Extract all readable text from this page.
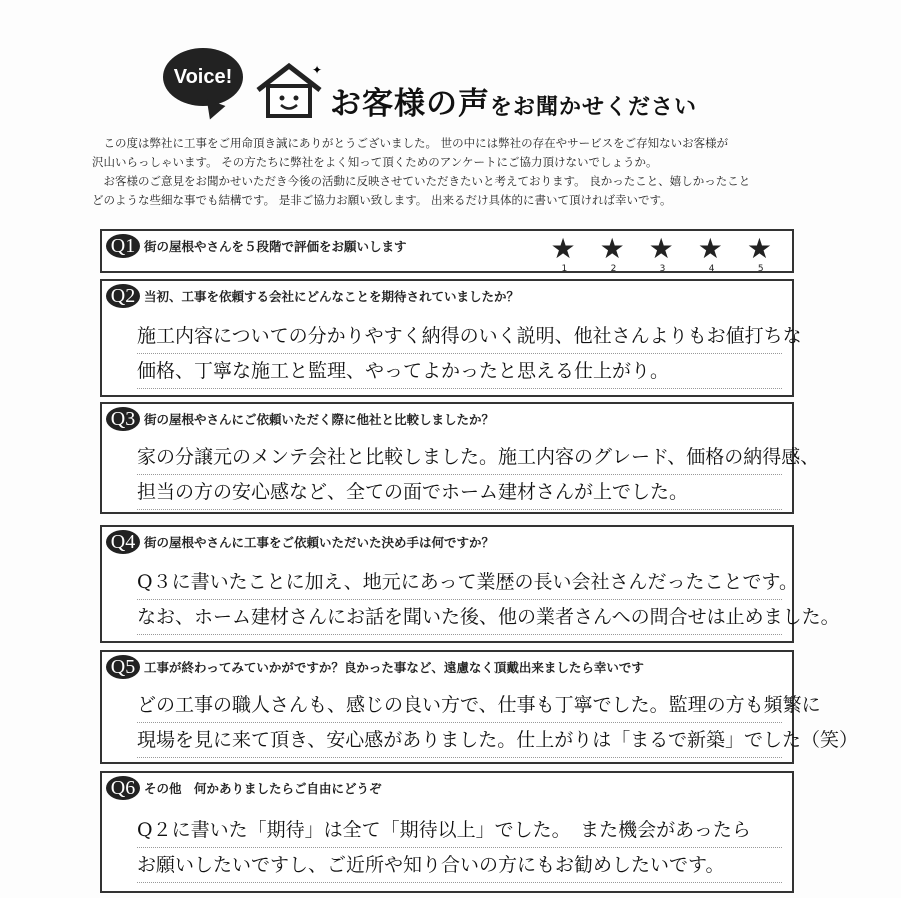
Voice!	✦
お客様の声をお聞かせください

この度は弊社に工事をご用命頂き誠にありがとうございました。 世の中には弊社の存在やサービスをご存知ないお客様が

沢山いらっしゃいます。 その方たちに弊社をよく知って頂くためのアンケートにご協力頂けないでしょうか。

お客様のご意見をお聞かせいただき今後の活動に反映させていただきたいと考えております。 良かったこと、嬉しかったこと

どのような些細な事でも結構です。 是非ご協力お願い致します。 出来るだけ具体的に書いて頂ければ幸いです。

Q1 街の屋根やさんを５段階で評価をお願いします	★
1
★
2
★
3
★
4
★
5
Q2 当初、工事を依頼する会社にどんなことを期待されていましたか？
施工内容についての分かりやすく納得のいく説明、他社さんよりもお値打ちな
価格、丁寧な施工と監理、やってよかったと思える仕上がり。
Q3 街の屋根やさんにご依頼いただく際に他社と比較しましたか？
家の分譲元のメンテ会社と比較しました。施工内容のグレード、価格の納得感、
担当の方の安心感など、全ての面でホーム建材さんが上でした。
Q4 街の屋根やさんに工事をご依頼いただいた決め手は何ですか？
Q３に書いたことに加え、地元にあって業歴の長い会社さんだったことです。
なお、ホーム建材さんにお話を聞いた後、他の業者さんへの問合せは止めました。
Q5 工事が終わってみていかがですか？良かった事など、遠慮なく頂戴出来ましたら幸いです
どの工事の職人さんも、感じの良い方で、仕事も丁寧でした。監理の方も頻繁に
現場を見に来て頂き、安心感がありました。仕上がりは「まるで新築」でした（笑）
Q6 その他　何かありましたらご自由にどうぞ
Q２に書いた「期待」は全て「期待以上」でした。　また機会があったら
お願いしたいですし、ご近所や知り合いの方にもお勧めしたいです。
